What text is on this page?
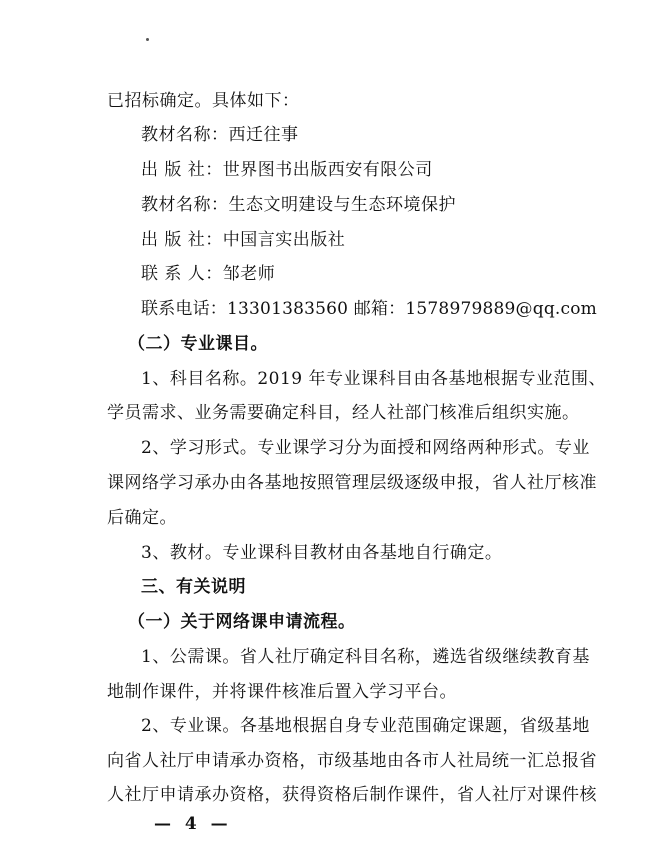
已招标确定。具体如下：
教材名称：西迁往事
出 版 社：世界图书出版西安有限公司
教材名称：生态文明建设与生态环境保护
出 版 社：中国言实出版社
联 系 人：邹老师
联系电话：13301383560 邮箱：1578979889@qq.com
（二）专业课目。
1、科目名称。2019 年专业课科目由各基地根据专业范围、
学员需求、业务需要确定科目，经人社部门核准后组织实施。
2、学习形式。专业课学习分为面授和网络两种形式。专业
课网络学习承办由各基地按照管理层级逐级申报，省人社厅核准
后确定。
3、教材。专业课科目教材由各基地自行确定。
三、有关说明
（一）关于网络课申请流程。
1、公需课。省人社厅确定科目名称，遴选省级继续教育基
地制作课件，并将课件核准后置入学习平台。
2、专业课。各基地根据自身专业范围确定课题，省级基地
向省人社厅申请承办资格，市级基地由各市人社局统一汇总报省
人社厅申请承办资格，获得资格后制作课件，省人社厅对课件核
— 4 —
